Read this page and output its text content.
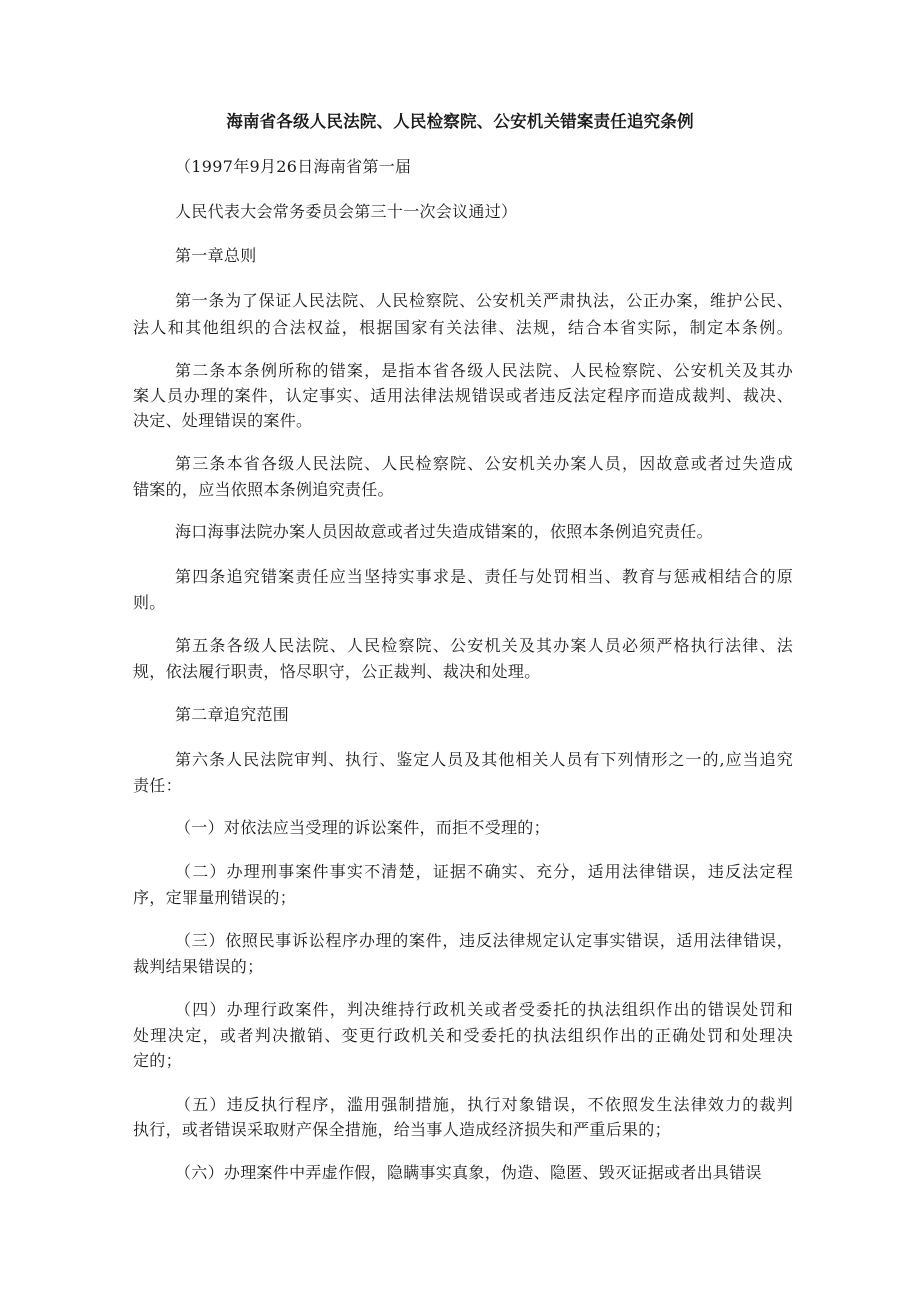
海南省各级人民法院、人民检察院、公安机关错案责任追究条例
（1997年9月26日海南省第一届
人民代表大会常务委员会第三十一次会议通过）
第一章总则
第一条为了保证人民法院、人民检察院、公安机关严肃执法，公正办案，维护公民、
法人和其他组织的合法权益，根据国家有关法律、法规，结合本省实际，制定本条例。
第二条本条例所称的错案，是指本省各级人民法院、人民检察院、公安机关及其办
案人员办理的案件，认定事实、适用法律法规错误或者违反法定程序而造成裁判、裁决、
决定、处理错误的案件。
第三条本省各级人民法院、人民检察院、公安机关办案人员，因故意或者过失造成
错案的，应当依照本条例追究责任。
海口海事法院办案人员因故意或者过失造成错案的，依照本条例追究责任。
第四条追究错案责任应当坚持实事求是、责任与处罚相当、教育与惩戒相结合的原
则。
第五条各级人民法院、人民检察院、公安机关及其办案人员必须严格执行法律、法
规，依法履行职责，恪尽职守，公正裁判、裁决和处理。
第二章追究范围
第六条人民法院审判、执行、鉴定人员及其他相关人员有下列情形之一的,应当追究
责任：
（一）对依法应当受理的诉讼案件，而拒不受理的；
（二）办理刑事案件事实不清楚，证据不确实、充分，适用法律错误，违反法定程
序，定罪量刑错误的；
（三）依照民事诉讼程序办理的案件，违反法律规定认定事实错误，适用法律错误，
裁判结果错误的；
（四）办理行政案件，判决维持行政机关或者受委托的执法组织作出的错误处罚和
处理决定，或者判决撤销、变更行政机关和受委托的执法组织作出的正确处罚和处理决
定的；
（五）违反执行程序，滥用强制措施，执行对象错误，不依照发生法律效力的裁判
执行，或者错误采取财产保全措施，给当事人造成经济损失和严重后果的；
（六）办理案件中弄虚作假，隐瞒事实真象，伪造、隐匿、毁灭证据或者出具错误
